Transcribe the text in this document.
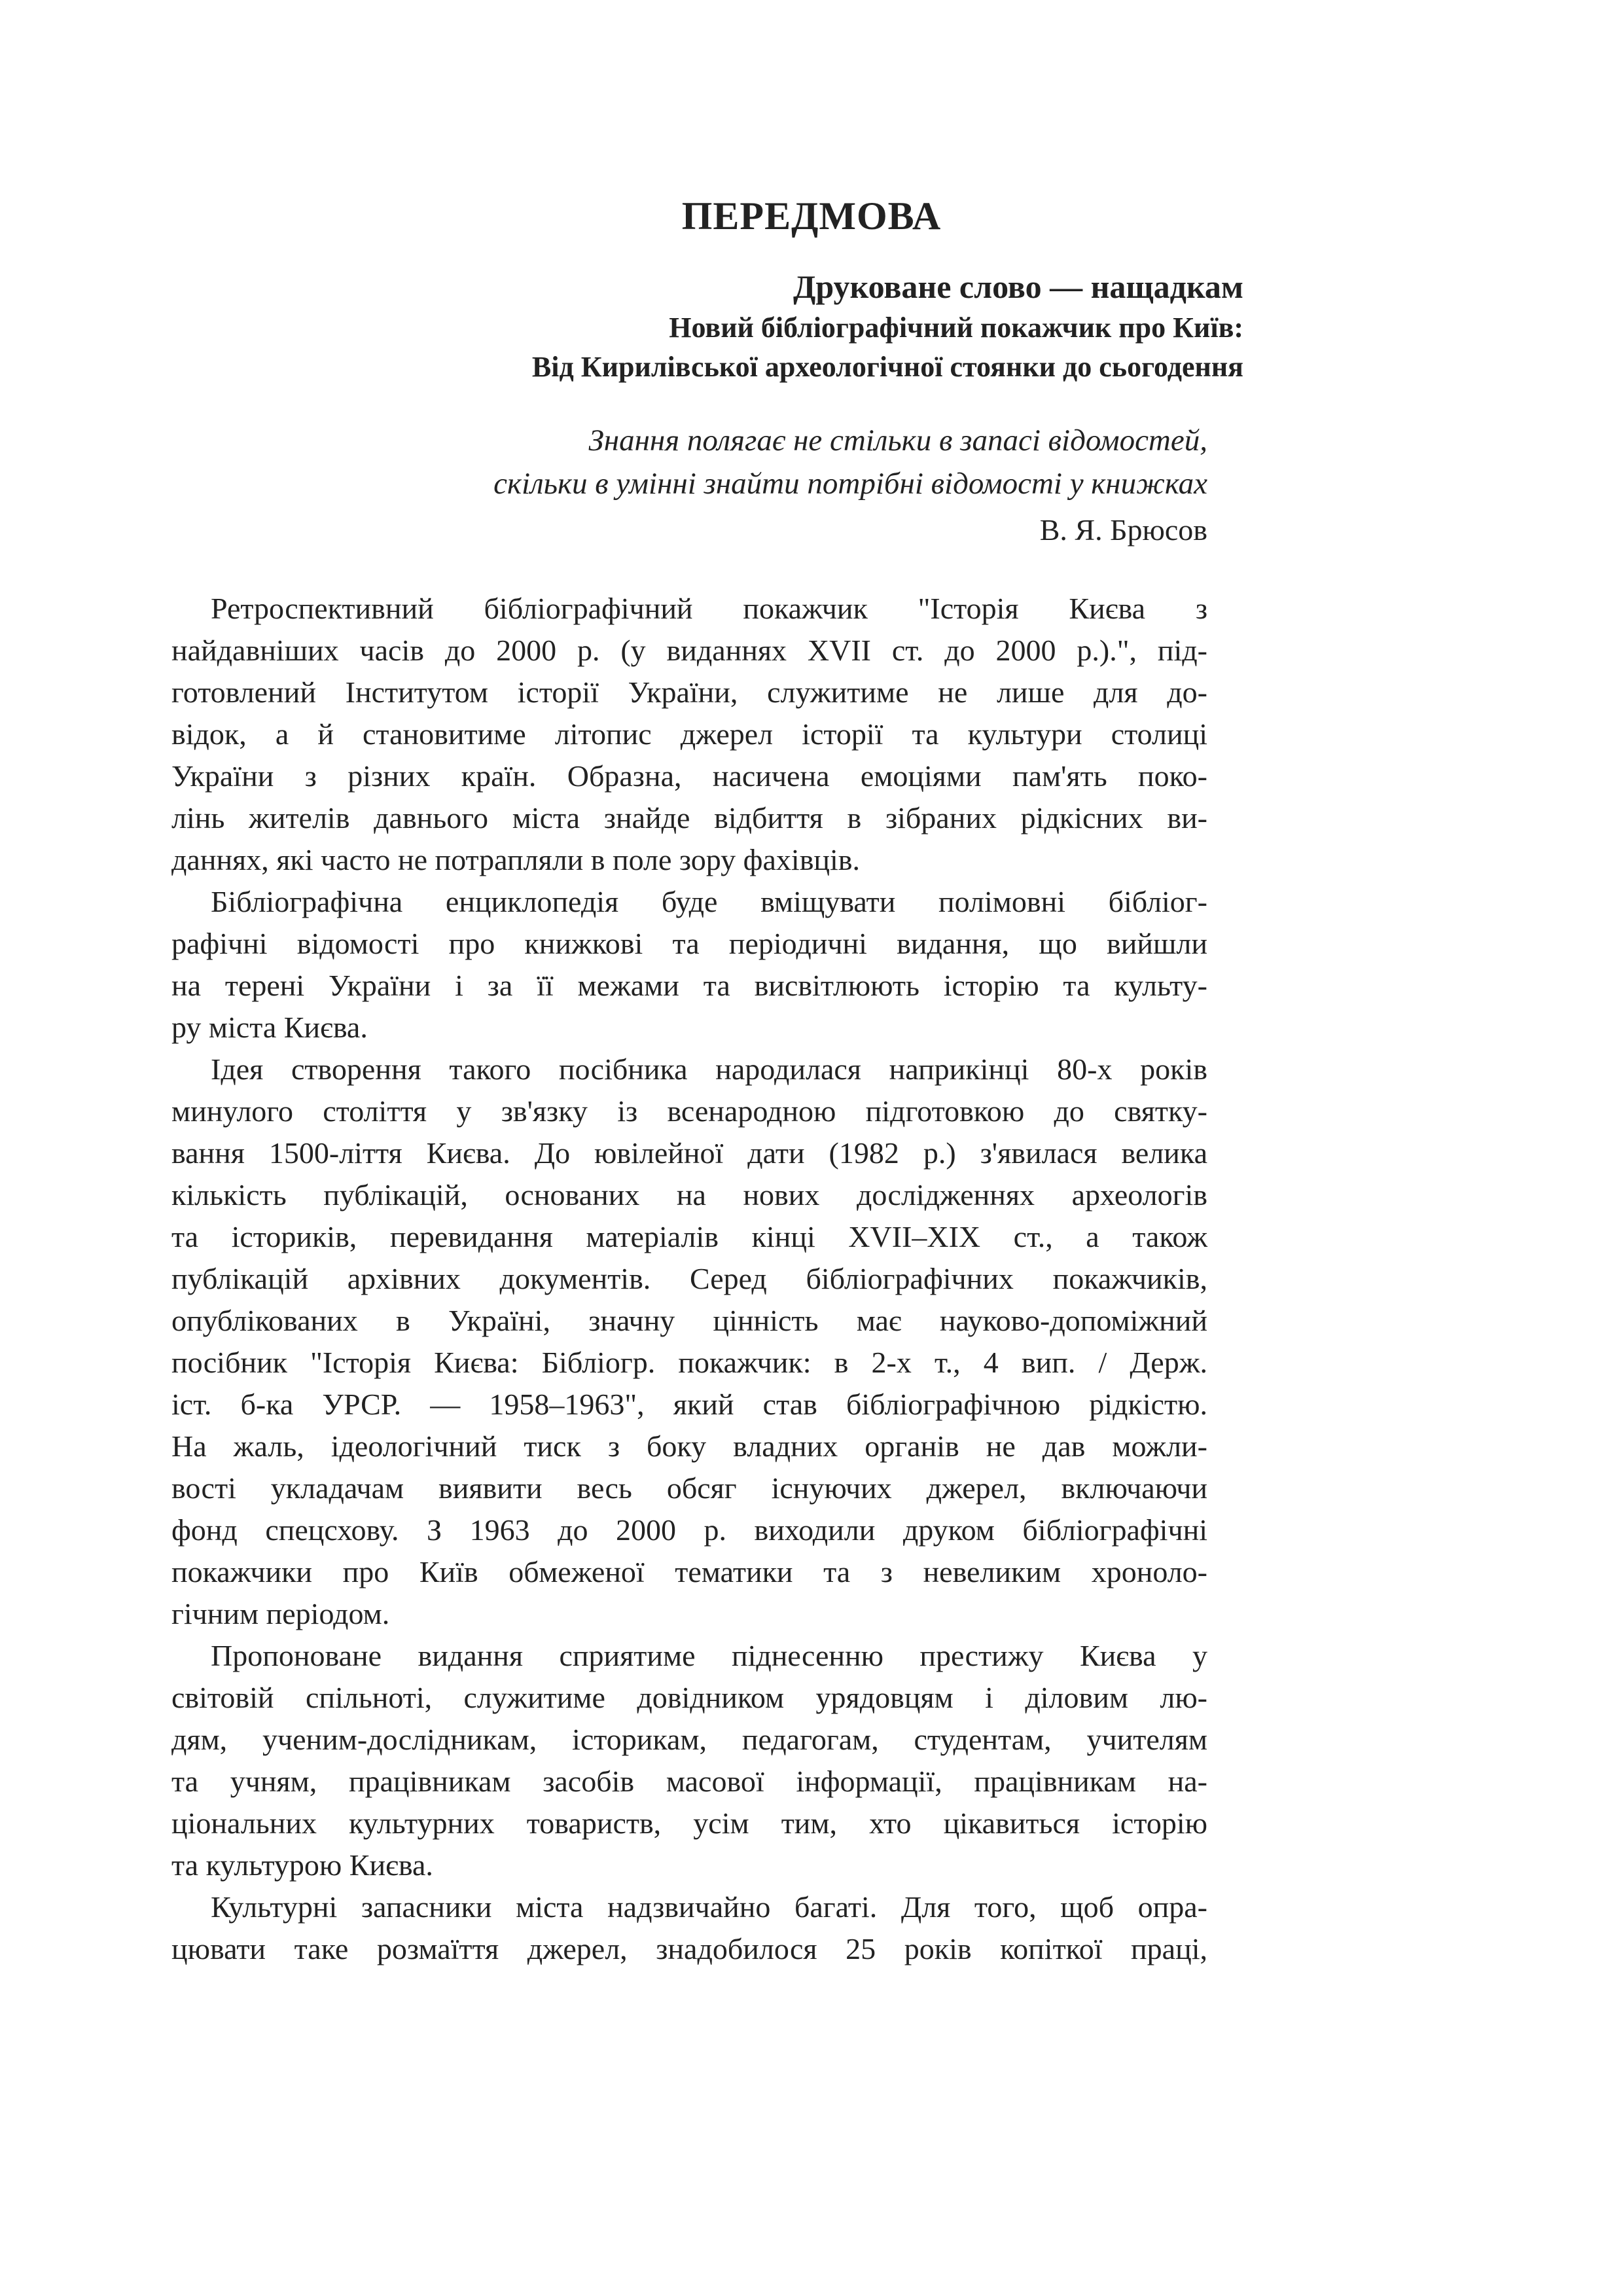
ПЕРЕДМОВА
Друковане слово — нащадкам
Новий бібліографічний покажчик про Київ:
Від Кирилівської археологічної стоянки до сьогодення
Знання полягає не стільки в запасі відомостей,
скільки в умінні знайти потрібні відомості у книжках
В. Я. Брюсов
Ретроспективний бібліографічний покажчик "Історія Києва з
найдавніших часів до 2000 р. (у виданнях XVII ст. до 2000 р.).", під-
готовлений Інститутом історії України, служитиме не лише для до-
відок, а й становитиме літопис джерел історії та культури столиці
України з різних країн. Образна, насичена емоціями пам'ять поко-
лінь жителів давнього міста знайде відбиття в зібраних рідкісних ви-
даннях, які часто не потрапляли в поле зору фахівців.
Бібліографічна енциклопедія буде вміщувати полімовні бібліог-
рафічні відомості про книжкові та періодичні видання, що вийшли
на терені України і за її межами та висвітлюють історію та культу-
ру міста Києва.
Ідея створення такого посібника народилася наприкінці 80-х років
минулого століття у зв'язку із всенародною підготовкою до святку-
вання 1500-ліття Києва. До ювілейної дати (1982 р.) з'явилася велика
кількість публікацій, основаних на нових дослідженнях археологів
та істориків, перевидання матеріалів кінці XVII–XIX ст., а також
публікацій архівних документів. Серед бібліографічних покажчиків,
опублікованих в Україні, значну цінність має науково-допоміжний
посібник "Історія Києва: Бібліогр. покажчик: в 2-х т., 4 вип. / Держ.
іст. б-ка УРСР. — 1958–1963", який став бібліографічною рідкістю.
На жаль, ідеологічний тиск з боку владних органів не дав можли-
вості укладачам виявити весь обсяг існуючих джерел, включаючи
фонд спецсхову. З 1963 до 2000 р. виходили друком бібліографічні
покажчики про Київ обмеженої тематики та з невеликим хроноло-
гічним періодом.
Пропоноване видання сприятиме піднесенню престижу Києва у
світовій спільноті, служитиме довідником урядовцям і діловим лю-
дям, ученим-дослідникам, історикам, педагогам, студентам, учителям
та учням, працівникам засобів масової інформації, працівникам на-
ціональних культурних товариств, усім тим, хто цікавиться історію
та культурою Києва.
Культурні запасники міста надзвичайно багаті. Для того, щоб опра-
цювати таке розмаїття джерел, знадобилося 25 років копіткої праці,
